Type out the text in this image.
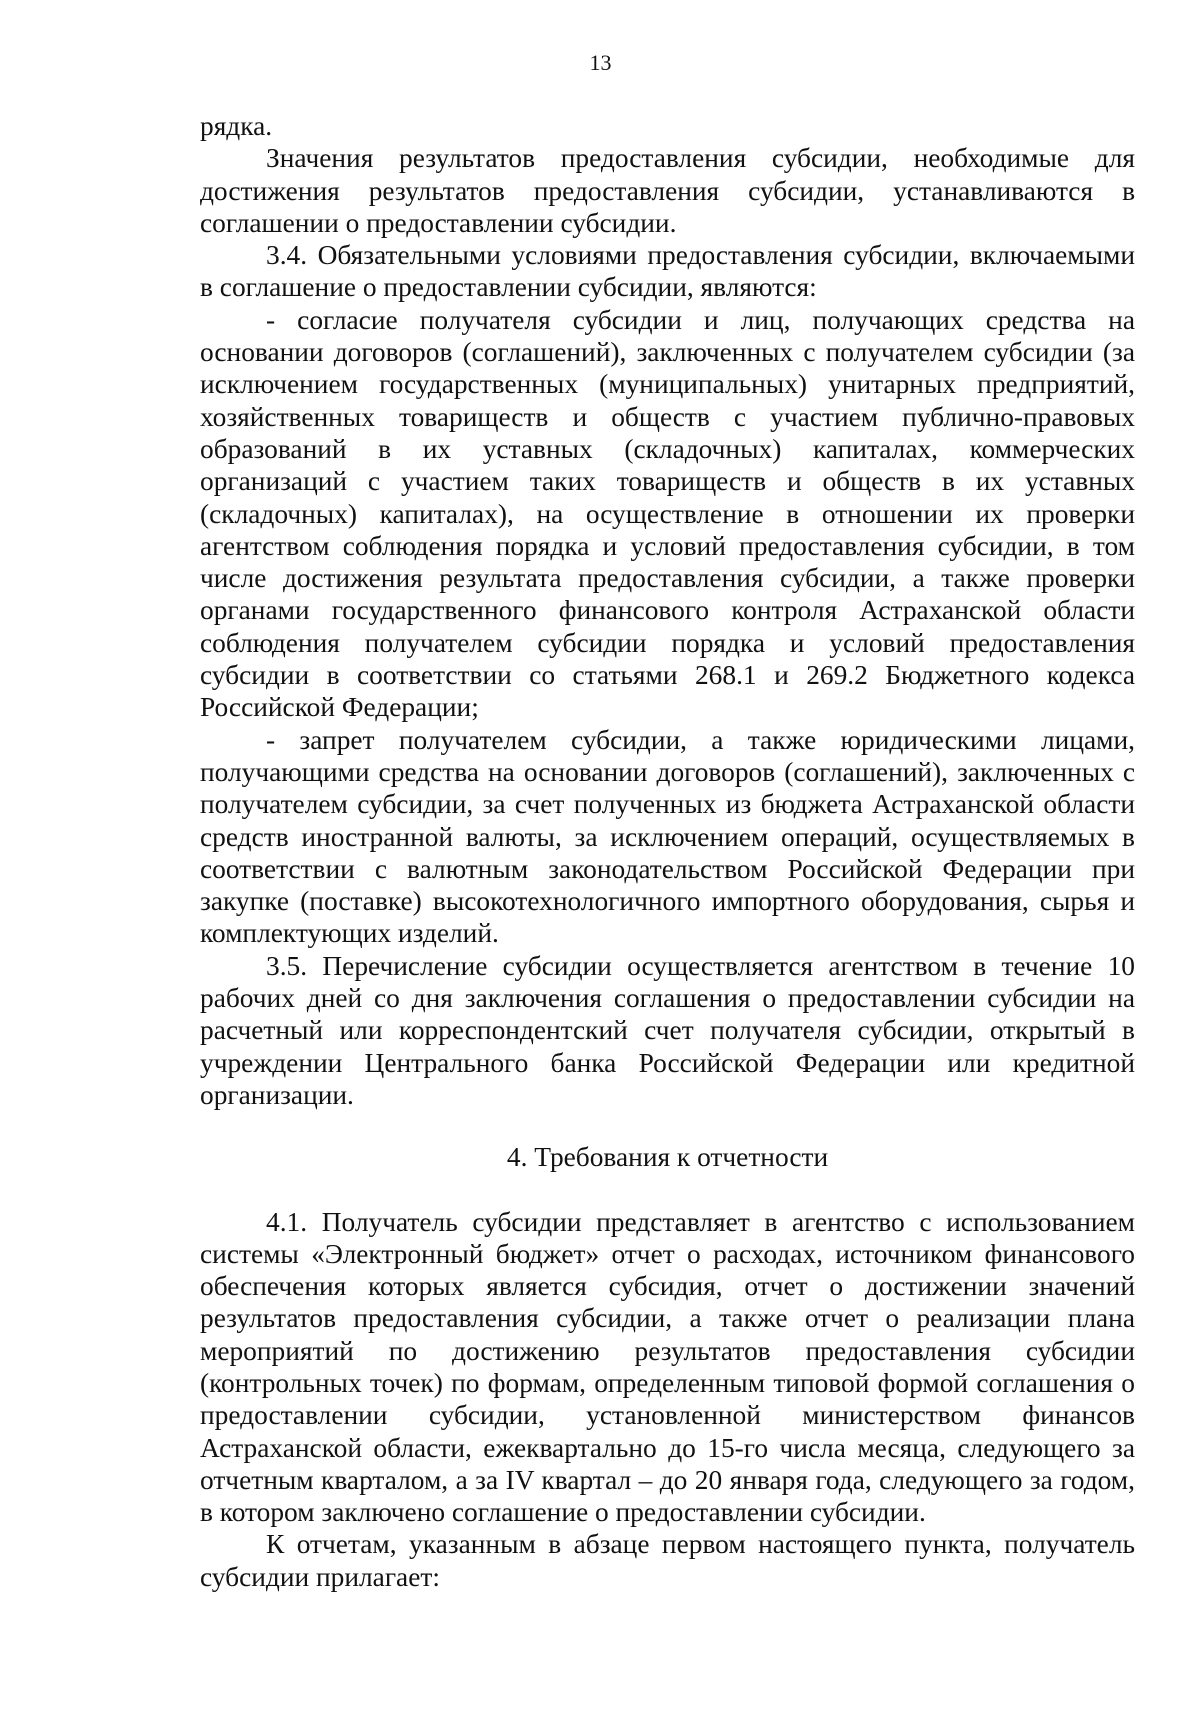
13

рядка.

Значения результатов предоставления субсидии, необходимые для достижения результатов предоставления субсидии, устанавливаются в соглашении о предоставлении субсидии.

3.4. Обязательными условиями предоставления субсидии, включаемыми в соглашение о предоставлении субсидии, являются:

- согласие получателя субсидии и лиц, получающих средства на основании договоров (соглашений), заключенных с получателем субсидии (за исключением государственных (муниципальных) унитарных предприятий, хозяйственных товариществ и обществ с участием публично-правовых образований в их уставных (складочных) капиталах, коммерческих организаций с участием таких товариществ и обществ в их уставных (складочных) капиталах), на осуществление в отношении их проверки агентством соблюдения порядка и условий предоставления субсидии, в том числе достижения результата предоставления субсидии, а также проверки органами государственного финансового контроля Астраханской области соблюдения получателем субсидии порядка и условий предоставления субсидии в соответствии со статьями 268.1 и 269.2 Бюджетного кодекса Российской Федерации;

- запрет получателем субсидии, а также юридическими лицами, получающими средства на основании договоров (соглашений), заключенных с получателем субсидии, за счет полученных из бюджета Астраханской области средств иностранной валюты, за исключением операций, осуществляемых в соответствии с валютным законодательством Российской Федерации при закупке (поставке) высокотехнологичного импортного оборудования, сырья и комплектующих изделий.

3.5. Перечисление субсидии осуществляется агентством в течение 10 рабочих дней со дня заключения соглашения о предоставлении субсидии на расчетный или корреспондентский счет получателя субсидии, открытый в учреждении Центрального банка Российской Федерации или кредитной организации.

4. Требования к отчетности

4.1. Получатель субсидии представляет в агентство с использованием системы «Электронный бюджет» отчет о расходах, источником финансового обеспечения которых является субсидия, отчет о достижении значений результатов предоставления субсидии, а также отчет о реализации плана мероприятий по достижению результатов предоставления субсидии (контрольных точек) по формам, определенным типовой формой соглашения о предоставлении субсидии, установленной министерством финансов Астраханской области, ежеквартально до 15-го числа месяца, следующего за отчетным кварталом, а за IV квартал – до 20 января года, следующего за годом, в котором заключено соглашение о предоставлении субсидии.

К отчетам, указанным в абзаце первом настоящего пункта, получатель субсидии прилагает:
